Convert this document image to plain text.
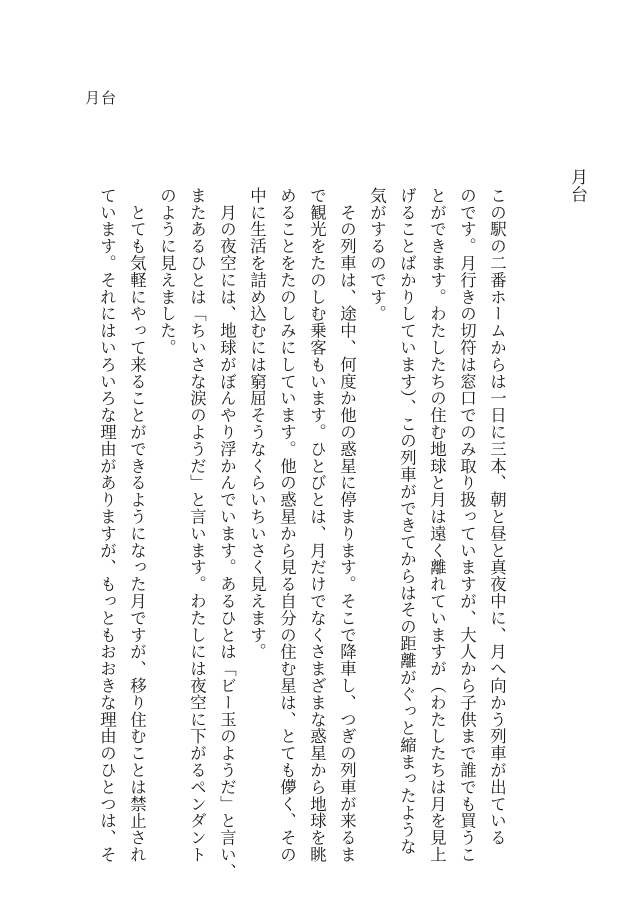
月台
月台
この駅の二番ホームからは一日に三本、朝と昼と真夜中に、月へ向かう列車が出ている
のです。月行きの切符は窓口でのみ取り扱っていますが、大人から子供まで誰でも買うこ
とができます。わたしたちの住む地球と月は遠く離れていますが（わたしたちは月を見上
げることばかりしています）、この列車ができてからはその距離がぐっと縮まったような
気がするのです。
　その列車は、途中、何度か他の惑星に停まります。そこで降車し、つぎの列車が来るま
で観光をたのしむ乗客もいます。ひとびとは、月だけでなくさまざまな惑星から地球を眺
めることをたのしみにしています。他の惑星から見る自分の住む星は、とても儚く、その
中に生活を詰め込むには窮屈そうなくらいちいさく見えます。
　月の夜空には、地球がぼんやり浮かんでいます。あるひとは「ビー玉のようだ」と言い、
またあるひとは「ちいさな涙のようだ」と言います。わたしには夜空に下がるペンダント
のように見えました。
　とても気軽にやって来ることができるようになった月ですが、移り住むことは禁止され
ています。それにはいろいろな理由がありますが、もっともおおきな理由のひとつは、そ
